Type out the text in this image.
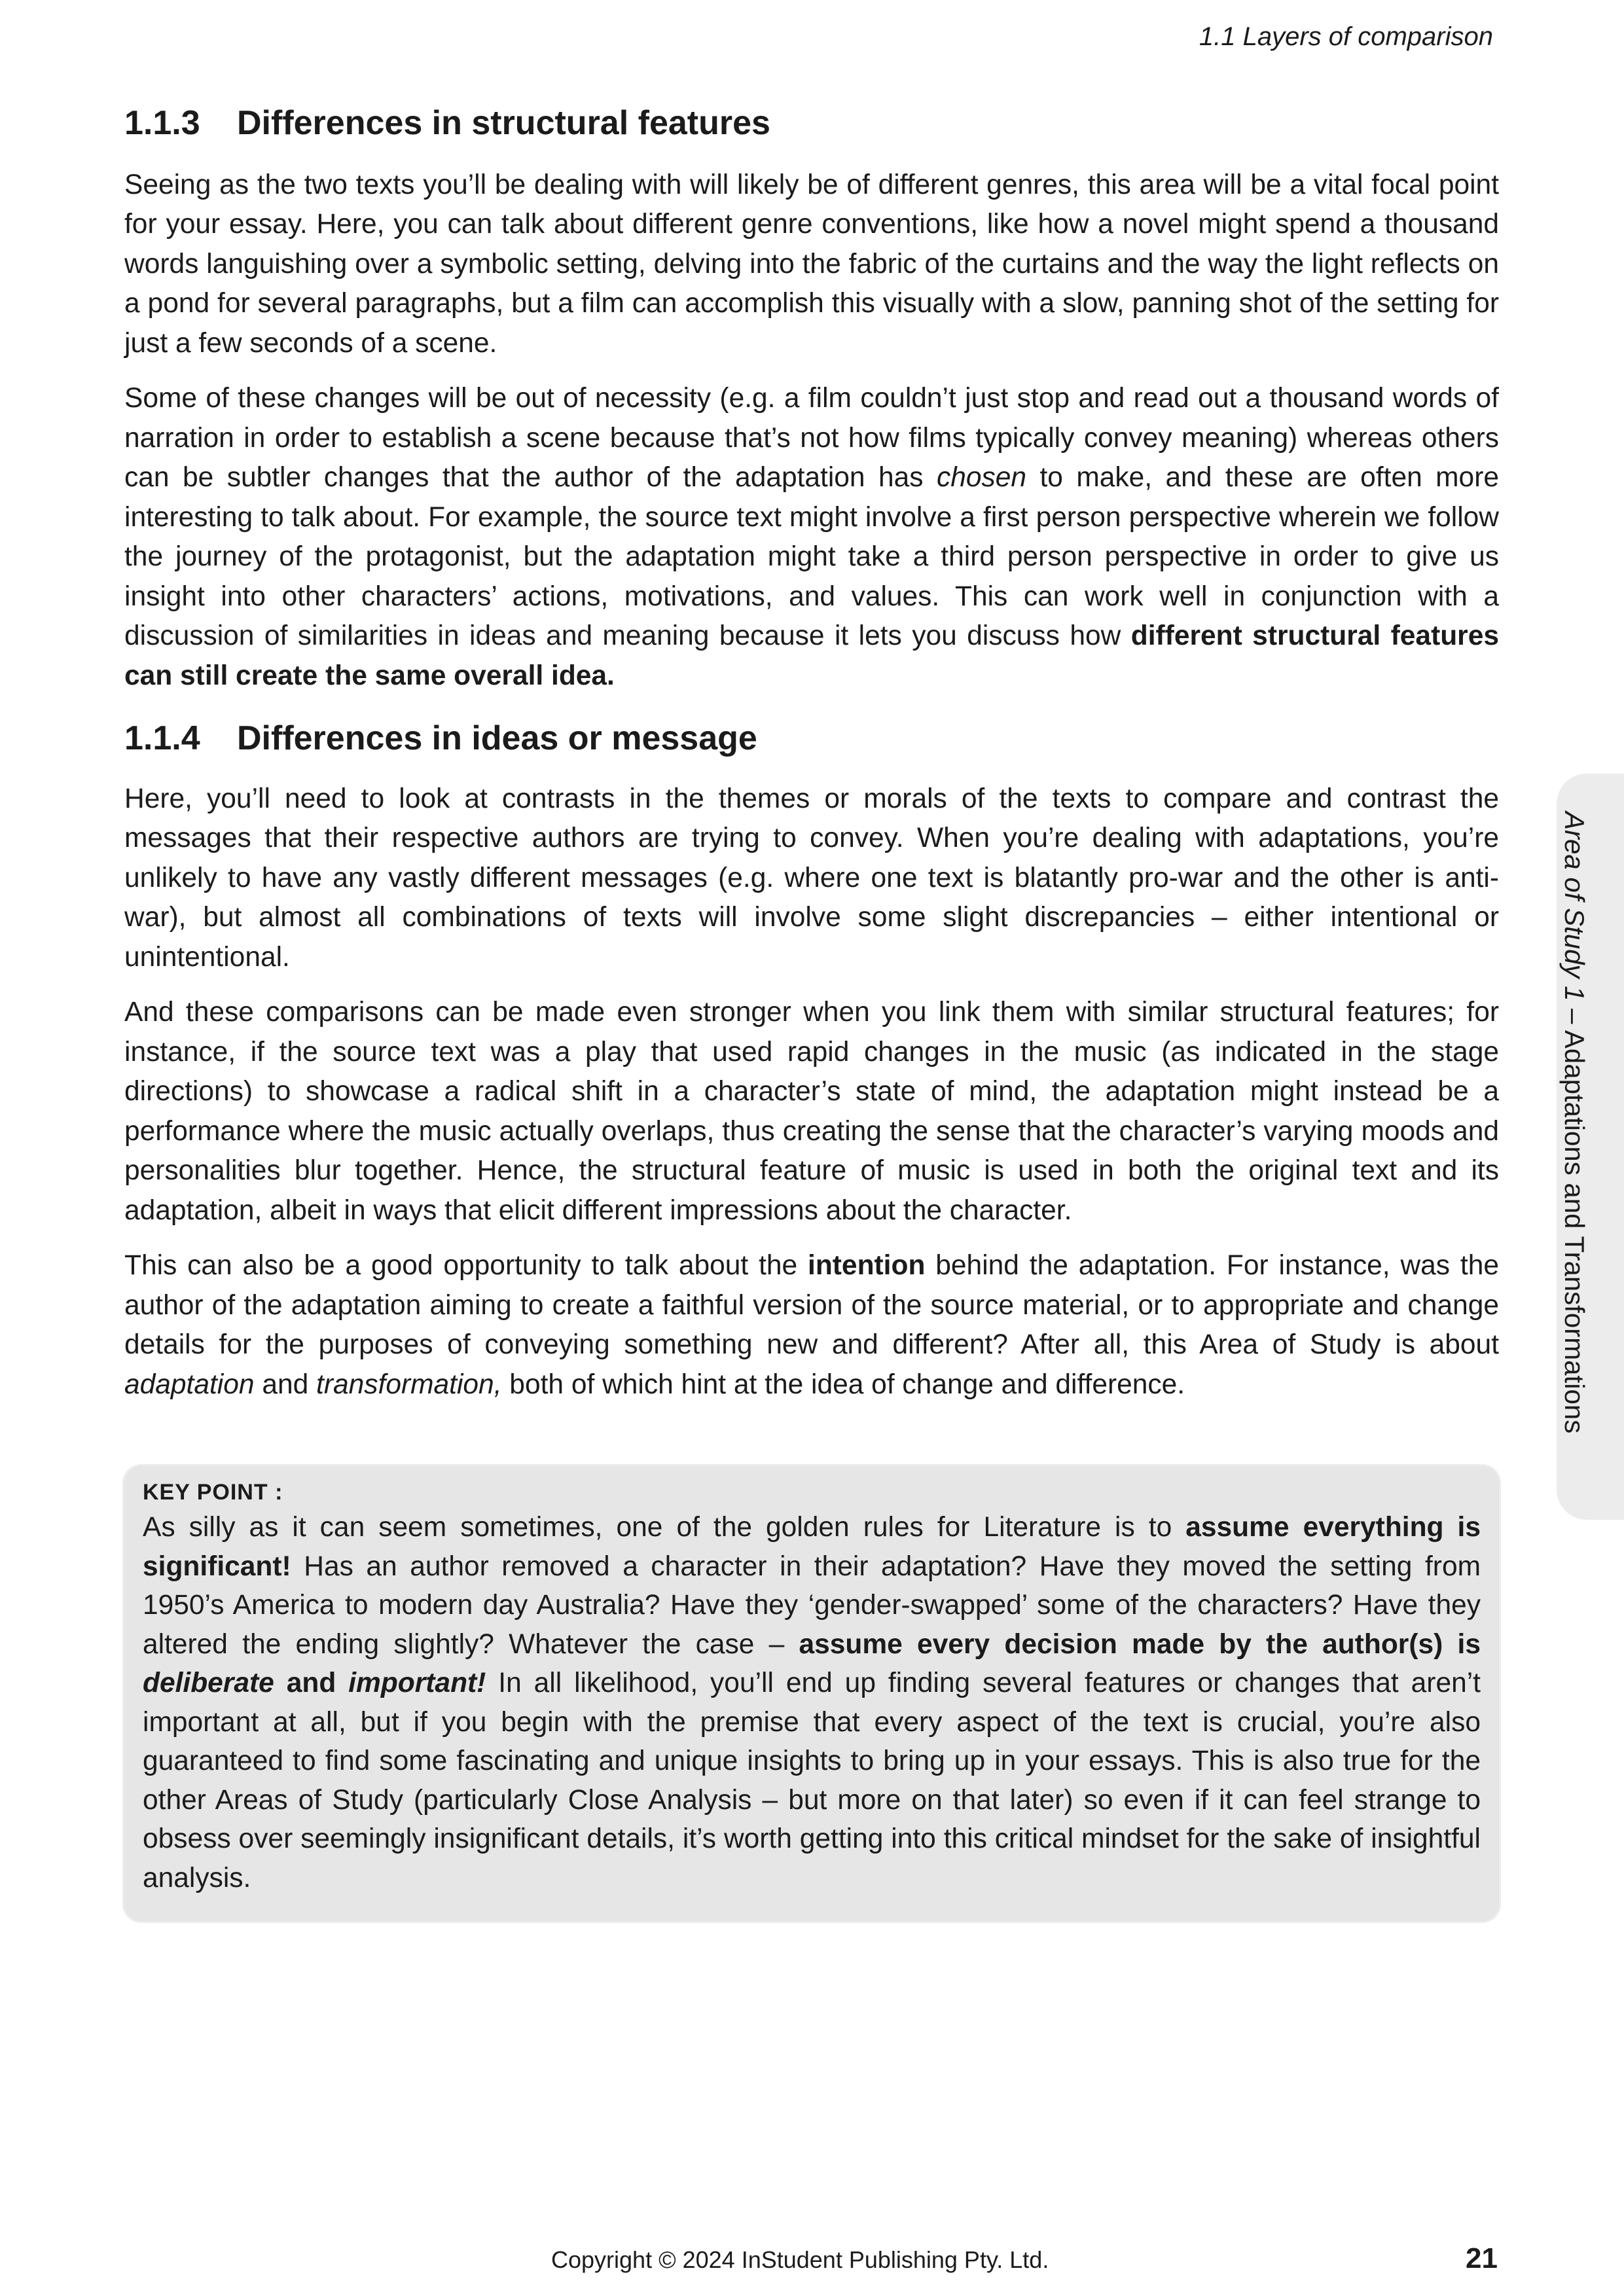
1.1 Layers of comparison
1.1.3	Differences in structural features

Seeing as the two texts you’ll be dealing with will likely be of different genres, this area will be a vital focal point for your essay. Here, you can talk about different genre conventions, like how a novel might spend a thousand words languishing over a symbolic setting, delving into the fabric of the curtains and the way the light reflects on a pond for several paragraphs, but a film can accomplish this visually with a slow, panning shot of the setting for just a few seconds of a scene.

Some of these changes will be out of necessity (e.g. a film couldn’t just stop and read out a thousand words of narration in order to establish a scene because that’s not how films typically convey meaning) whereas others can be subtler changes that the author of the adaptation has chosen to make, and these are often more interesting to talk about. For example, the source text might involve a first person perspective wherein we follow the journey of the protagonist, but the adaptation might take a third person perspective in order to give us insight into other characters’ actions, motivations, and values. This can work well in conjunction with a discussion of similarities in ideas and meaning because it lets you discuss how different structural features can still create the same overall idea.

1.1.4	Differences in ideas or message

Here, you’ll need to look at contrasts in the themes or morals of the texts to compare and contrast the messages that their respective authors are trying to convey. When you’re dealing with adaptations, you’re unlikely to have any vastly different messages (e.g. where one text is blatantly pro-war and the other is anti-war), but almost all combinations of texts will involve some slight discrepancies – either intentional or unintentional.

And these comparisons can be made even stronger when you link them with similar structural features; for instance, if the source text was a play that used rapid changes in the music (as indicated in the stage directions) to showcase a radical shift in a character’s state of mind, the adaptation might instead be a performance where the music actually overlaps, thus creating the sense that the character’s varying moods and personalities blur together. Hence, the structural feature of music is used in both the original text and its adaptation, albeit in ways that elicit different impressions about the character.

This can also be a good opportunity to talk about the intention behind the adaptation. For instance, was the author of the adaptation aiming to create a faithful version of the source material, or to appropriate and change details for the purposes of conveying something new and different? After all, this Area of Study is about adaptation and transformation, both of which hint at the idea of change and difference.

KEY POINT :

As silly as it can seem sometimes, one of the golden rules for Literature is to assume everything is significant! Has an author removed a character in their adaptation? Have they moved the setting from 1950’s America to modern day Australia? Have they ‘gender-swapped’ some of the characters? Have they altered the ending slightly? Whatever the case – assume every decision made by the author(s) is deliberate and important! In all likelihood, you’ll end up finding several features or changes that aren’t important at all, but if you begin with the premise that every aspect of the text is crucial, you’re also guaranteed to find some fascinating and unique insights to bring up in your essays. This is also true for the other Areas of Study (particularly Close Analysis – but more on that later) so even if it can feel strange to obsess over seemingly insignificant details, it’s worth getting into this critical mindset for the sake of insightful analysis.

Area of Study 1 – Adaptations and Transformations
Copyright © 2024 InStudent Publishing Pty. Ltd.	21
